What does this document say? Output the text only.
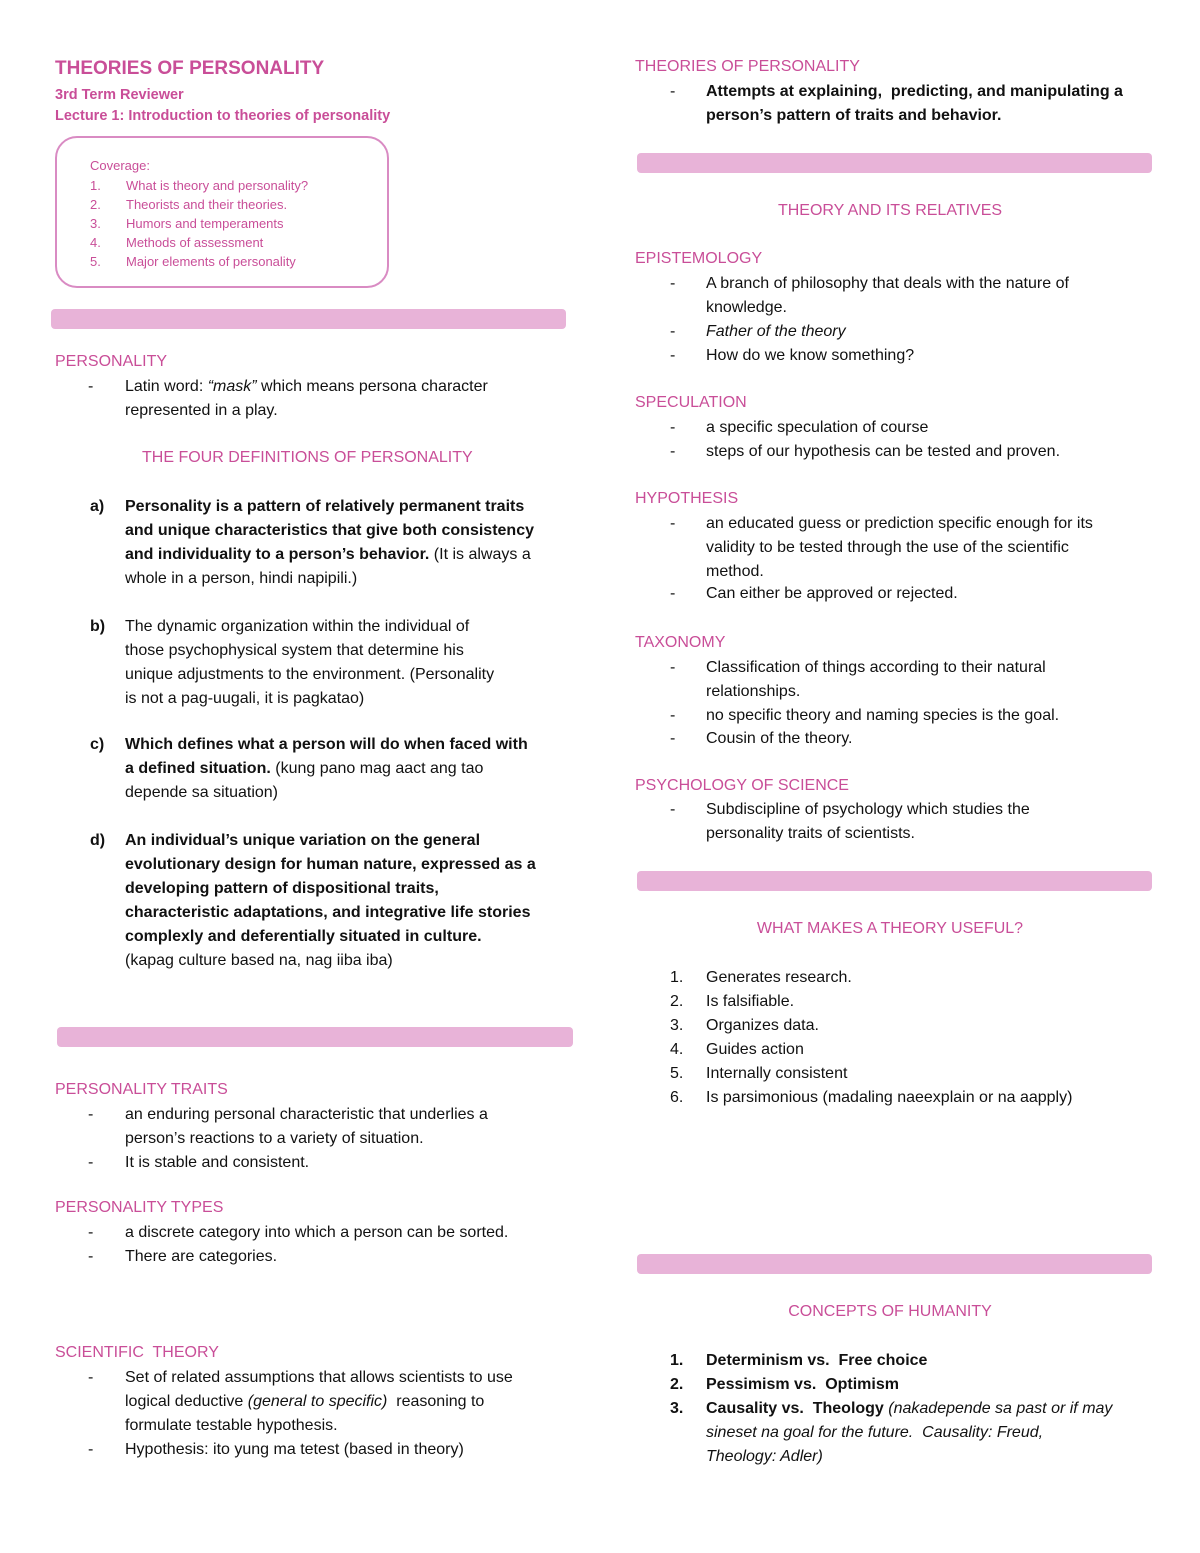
THEORIES OF PERSONALITY
3rd Term Reviewer
Lecture 1: Introduction to theories of personality
Coverage:
1. What is theory and personality?
2. Theorists and their theories.
3. Humors and temperaments
4. Methods of assessment
5. Major elements of personality
PERSONALITY
- Latin word: “mask” which means persona character
represented in a play.
THE FOUR DEFINITIONS OF PERSONALITY
a) Personality is a pattern of relatively permanent traits
and unique characteristics that give both consistency
and individuality to a person’s behavior. (It is always a
whole in a person, hindi napipili.)
b) The dynamic organization within the individual of
those psychophysical system that determine his
unique adjustments to the environment. (Personality
is not a pag-uugali, it is pagkatao)
c) Which defines what a person will do when faced with
a defined situation. (kung pano mag aact ang tao
depende sa situation)
d) An individual’s unique variation on the general
evolutionary design for human nature, expressed as a
developing pattern of dispositional traits,
characteristic adaptations, and integrative life stories
complexly and deferentially situated in culture.
(kapag culture based na, nag iiba iba)
PERSONALITY TRAITS
- an enduring personal characteristic that underlies a
person’s reactions to a variety of situation.
- It is stable and consistent.
PERSONALITY TYPES
- a discrete category into which a person can be sorted.
- There are categories.
SCIENTIFIC  THEORY
- Set of related assumptions that allows scientists to use
logical deductive (general to specific)  reasoning to
formulate testable hypothesis.
- Hypothesis: ito yung ma tetest (based in theory)
THEORIES OF PERSONALITY
- Attempts at explaining,  predicting, and manipulating a
person’s pattern of traits and behavior.
THEORY AND ITS RELATIVES
EPISTEMOLOGY
- A branch of philosophy that deals with the nature of
knowledge.
- Father of the theory
- How do we know something?
SPECULATION
- a specific speculation of course
- steps of our hypothesis can be tested and proven.
HYPOTHESIS
- an educated guess or prediction specific enough for its
validity to be tested through the use of the scientific
method.
- Can either be approved or rejected.
TAXONOMY
- Classification of things according to their natural
relationships.
- no specific theory and naming species is the goal.
- Cousin of the theory.
PSYCHOLOGY OF SCIENCE
- Subdiscipline of psychology which studies the
personality traits of scientists.
WHAT MAKES A THEORY USEFUL?
1. Generates research.
2. Is falsifiable.
3. Organizes data.
4. Guides action
5. Internally consistent
6. Is parsimonious (madaling naeexplain or na aapply)
CONCEPTS OF HUMANITY
1. Determinism vs.  Free choice
2. Pessimism vs.  Optimism
3. Causality vs.  Theology (nakadepende sa past or if may
sineset na goal for the future.  Causality: Freud,
Theology: Adler)
